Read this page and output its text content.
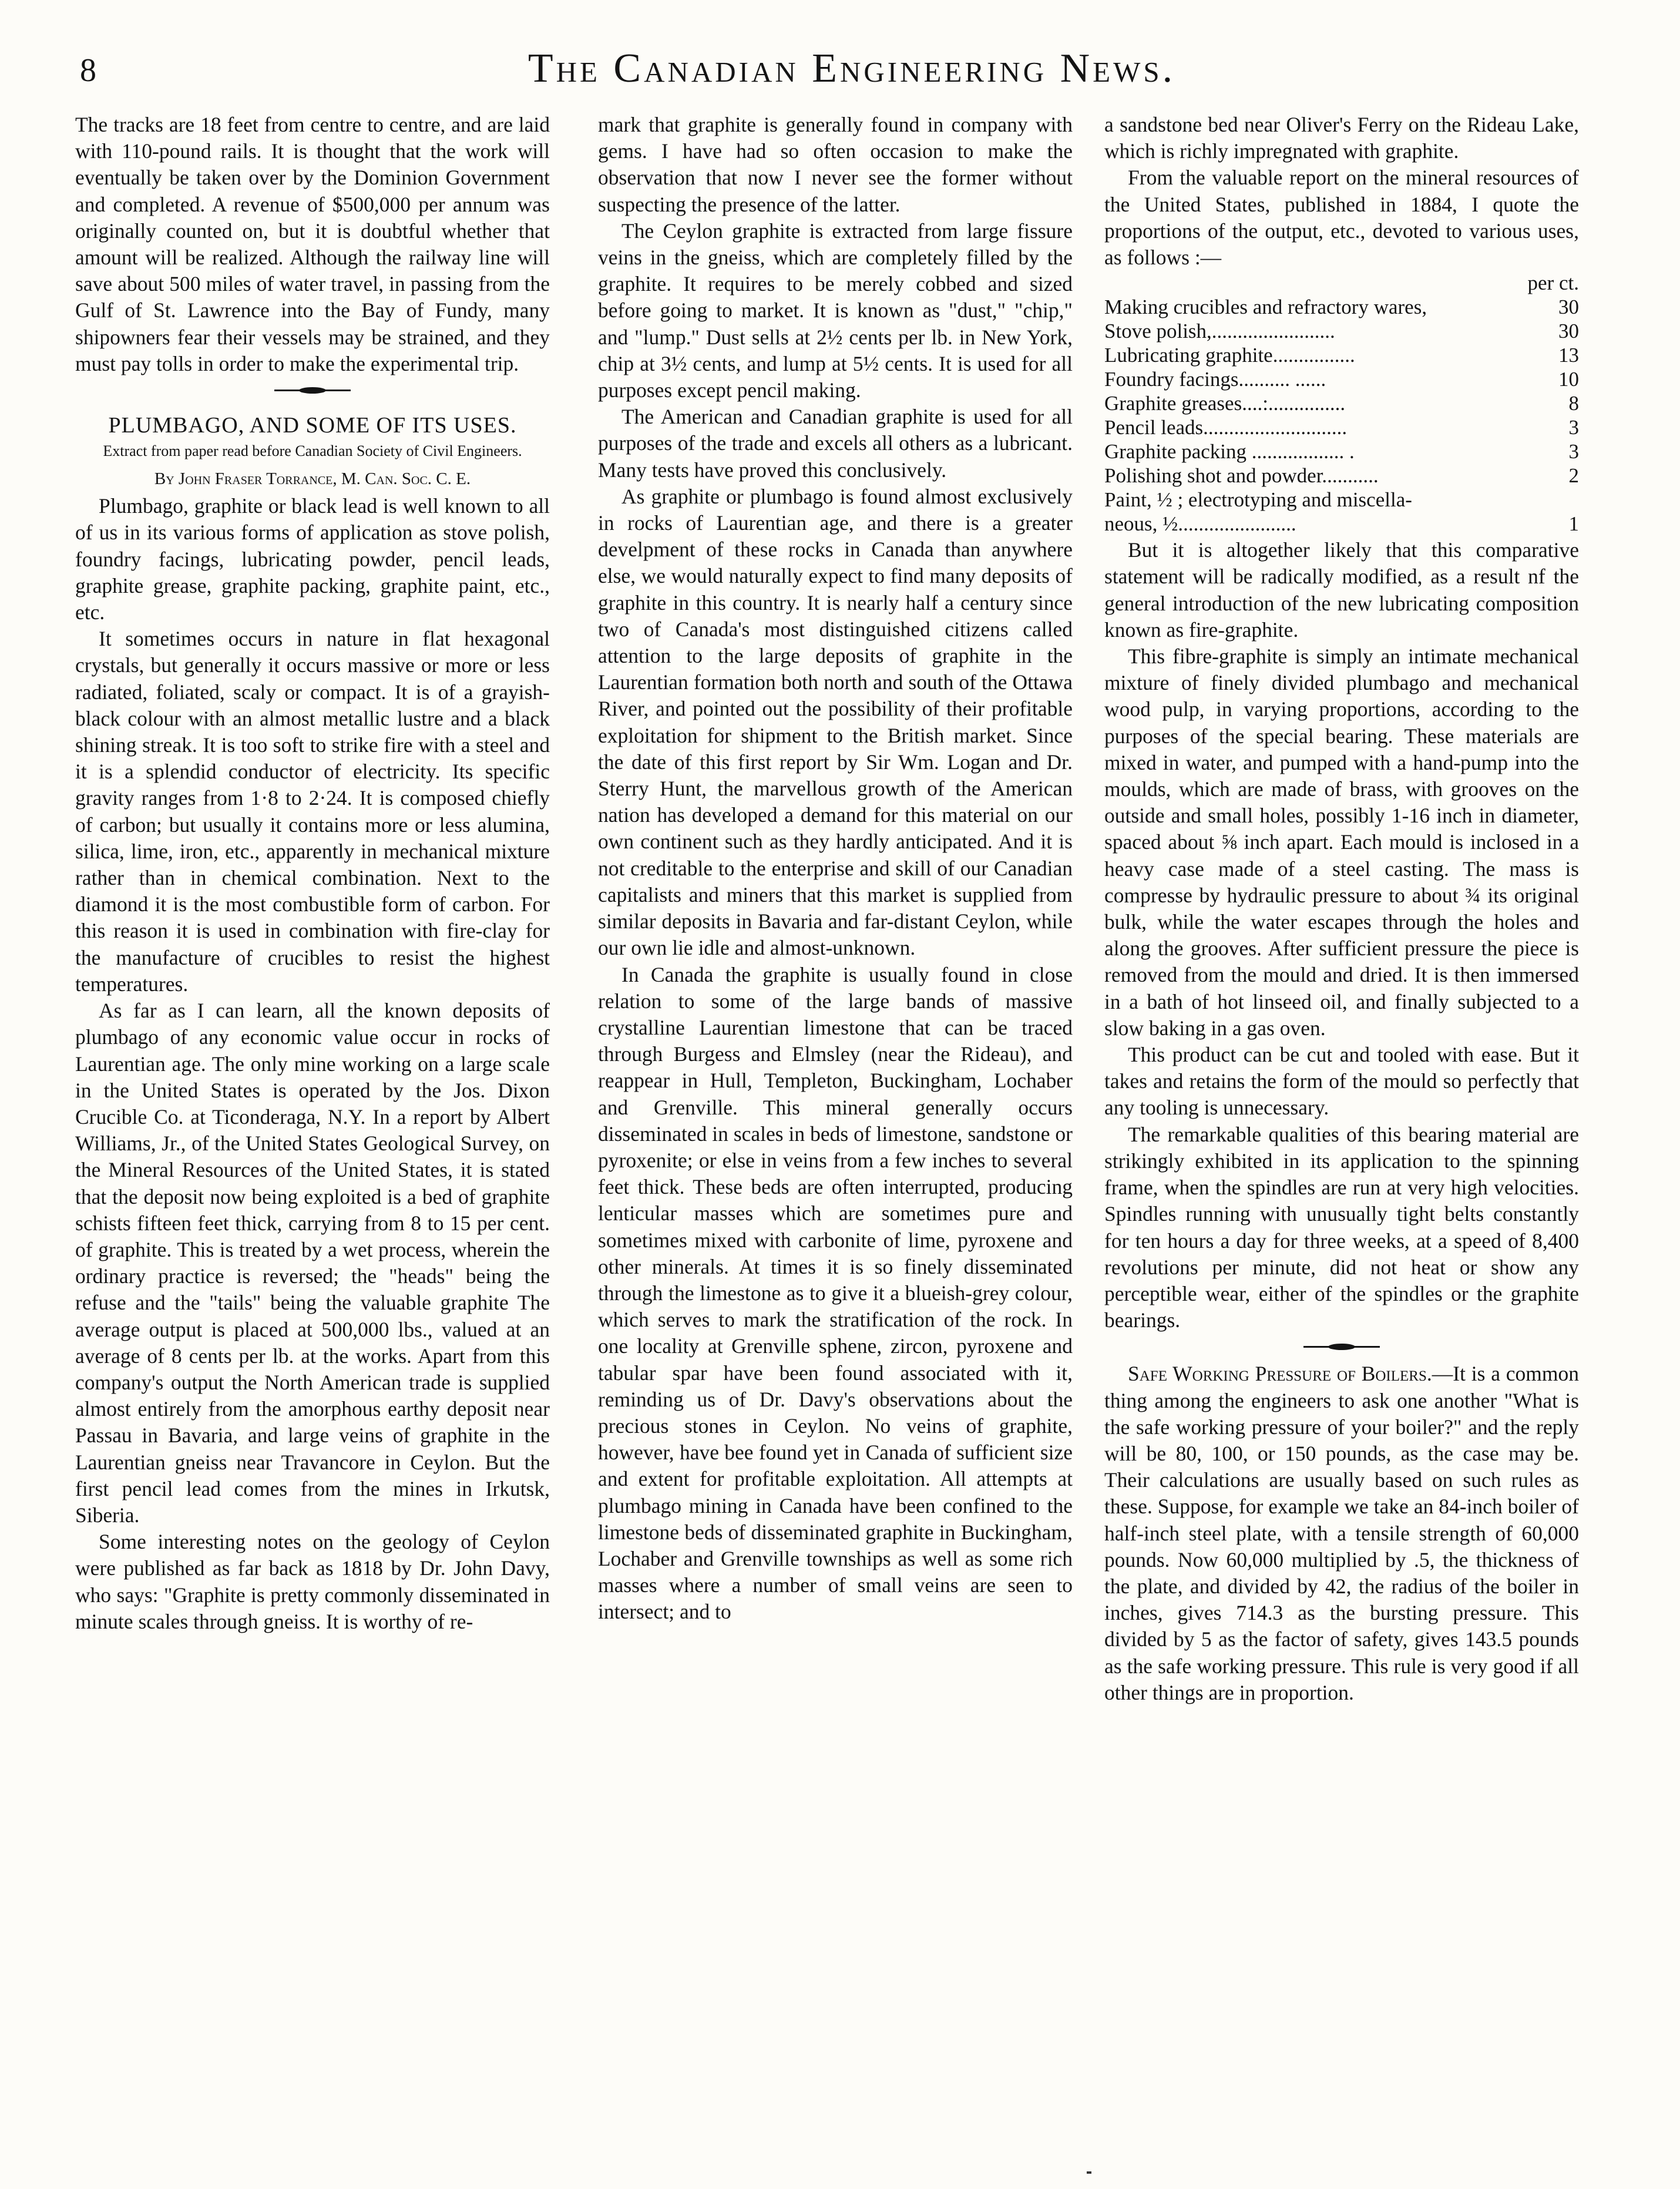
8	The Canadian Engineering News.

The tracks are 18 feet from centre to centre, and are laid with 110-pound rails. It is thought that the work will eventually be taken over by the Dominion Government and completed. A revenue of $500,000 per annum was originally counted on, but it is doubtful whether that amount will be realized. Although the railway line will save about 500 miles of water travel, in passing from the Gulf of St. Lawrence into the Bay of Fundy, many shipowners fear their vessels may be strained, and they must pay tolls in order to make the experimental trip.

PLUMBAGO, AND SOME OF ITS USES.
Extract from paper read before Canadian Society of Civil Engineers.
By John Fraser Torrance, M. Can. Soc. C. E.

Plumbago, graphite or black lead is well known to all of us in its various forms of application as stove polish, foundry facings, lubricating powder, pencil leads, graphite grease, graphite packing, graphite paint, etc., etc.

It sometimes occurs in nature in flat hexagonal crystals, but generally it occurs massive or more or less radiated, foliated, scaly or compact. It is of a grayish-black colour with an almost metallic lustre and a black shining streak. It is too soft to strike fire with a steel and it is a splendid conductor of electricity. Its specific gravity ranges from 1·8 to 2·24. It is composed chiefly of carbon; but usually it contains more or less alumina, silica, lime, iron, etc., apparently in mechanical mixture rather than in chemical combination. Next to the diamond it is the most combustible form of carbon. For this reason it is used in combination with fire-clay for the manufacture of crucibles to resist the highest temperatures.

As far as I can learn, all the known deposits of plumbago of any economic value occur in rocks of Laurentian age. The only mine working on a large scale in the United States is operated by the Jos. Dixon Crucible Co. at Ticonderaga, N.Y. In a report by Albert Williams, Jr., of the United States Geological Survey, on the Mineral Resources of the United States, it is stated that the deposit now being exploited is a bed of graphite schists fifteen feet thick, carrying from 8 to 15 per cent. of graphite. This is treated by a wet process, wherein the ordinary practice is reversed; the "heads" being the refuse and the "tails" being the valuable graphite The average output is placed at 500,000 lbs., valued at an average of 8 cents per lb. at the works. Apart from this company's output the North American trade is supplied almost entirely from the amorphous earthy deposit near Passau in Bavaria, and large veins of graphite in the Laurentian gneiss near Travancore in Ceylon. But the first pencil lead comes from the mines in Irkutsk, Siberia.

Some interesting notes on the geology of Ceylon were published as far back as 1818 by Dr. John Davy, who says: "Graphite is pretty commonly disseminated in minute scales through gneiss. It is worthy of re-

mark that graphite is generally found in company with gems. I have had so often occasion to make the observation that now I never see the former without suspecting the presence of the latter.

The Ceylon graphite is extracted from large fissure veins in the gneiss, which are completely filled by the graphite. It requires to be merely cobbed and sized before going to market. It is known as "dust," "chip," and "lump." Dust sells at 2½ cents per lb. in New York, chip at 3½ cents, and lump at 5½ cents. It is used for all purposes except pencil making.

The American and Canadian graphite is used for all purposes of the trade and excels all others as a lubricant. Many tests have proved this conclusively.

As graphite or plumbago is found almost exclusively in rocks of Laurentian age, and there is a greater develpment of these rocks in Canada than anywhere else, we would naturally expect to find many deposits of graphite in this country. It is nearly half a century since two of Canada's most distinguished citizens called attention to the large deposits of graphite in the Laurentian formation both north and south of the Ottawa River, and pointed out the possibility of their profitable exploitation for shipment to the British market. Since the date of this first report by Sir Wm. Logan and Dr. Sterry Hunt, the marvellous growth of the American nation has developed a demand for this material on our own continent such as they hardly anticipated. And it is not creditable to the enterprise and skill of our Canadian capitalists and miners that this market is supplied from similar deposits in Bavaria and far-distant Ceylon, while our own lie idle and almost-unknown.

In Canada the graphite is usually found in close relation to some of the large bands of massive crystalline Laurentian limestone that can be traced through Burgess and Elmsley (near the Rideau), and reappear in Hull, Templeton, Buckingham, Lochaber and Grenville. This mineral generally occurs disseminated in scales in beds of limestone, sandstone or pyroxenite; or else in veins from a few inches to several feet thick. These beds are often interrupted, producing lenticular masses which are sometimes pure and sometimes mixed with carbonite of lime, pyroxene and other minerals. At times it is so finely disseminated through the limestone as to give it a blueish-grey colour, which serves to mark the stratification of the rock. In one locality at Grenville sphene, zircon, pyroxene and tabular spar have been found associated with it, reminding us of Dr. Davy's observations about the precious stones in Ceylon. No veins of graphite, however, have bee found yet in Canada of sufficient size and extent for profitable exploitation. All attempts at plumbago mining in Canada have been confined to the limestone beds of disseminated graphite in Buckingham, Lochaber and Grenville townships as well as some rich masses where a number of small veins are seen to intersect; and to

a sandstone bed near Oliver's Ferry on the Rideau Lake, which is richly impregnated with graphite.

From the valuable report on the mineral resources of the United States, published in 1884, I quote the proportions of the output, etc., devoted to various uses, as follows :—

per ct.	
Making crucibles and refractory wares,	30
Stove polish,........................	30
Lubricating graphite................	13
Foundry facings.......... ......	10
Graphite greases....:...............	8
Pencil leads............................	3
Graphite packing .................. .	3
Polishing shot and powder...........	2
Paint, ½ ; electrotyping and miscella-	
neous, ½.......................	1

But it is altogether likely that this comparative statement will be radically modified, as a result nf the general introduction of the new lubricating composition known as fire-graphite.

This fibre-graphite is simply an intimate mechanical mixture of finely divided plumbago and mechanical wood pulp, in varying proportions, according to the purposes of the special bearing. These materials are mixed in water, and pumped with a hand-pump into the moulds, which are made of brass, with grooves on the outside and small holes, possibly 1-16 inch in diameter, spaced about ⅝ inch apart. Each mould is inclosed in a heavy case made of a steel casting. The mass is compresse by hydraulic pressure to about ¾ its original bulk, while the water escapes through the holes and along the grooves. After sufficient pressure the piece is removed from the mould and dried. It is then immersed in a bath of hot linseed oil, and finally subjected to a slow baking in a gas oven.

This product can be cut and tooled with ease. But it takes and retains the form of the mould so perfectly that any tooling is unnecessary.

The remarkable qualities of this bearing material are strikingly exhibited in its application to the spinning frame, when the spindles are run at very high velocities. Spindles running with unusually tight belts constantly for ten hours a day for three weeks, at a speed of 8,400 revolutions per minute, did not heat or show any perceptible wear, either of the spindles or the graphite bearings.

Safe Working Pressure of Boilers.—It is a common thing among the engineers to ask one another "What is the safe working pressure of your boiler?" and the reply will be 80, 100, or 150 pounds, as the case may be. Their calculations are usually based on such rules as these. Suppose, for example we take an 84-inch boiler of half-inch steel plate, with a tensile strength of 60,000 pounds. Now 60,000 multiplied by .5, the thickness of the plate, and divided by 42, the radius of the boiler in inches, gives 714.3 as the bursting pressure. This divided by 5 as the factor of safety, gives 143.5 pounds as the safe working pressure. This rule is very good if all other things are in proportion.
